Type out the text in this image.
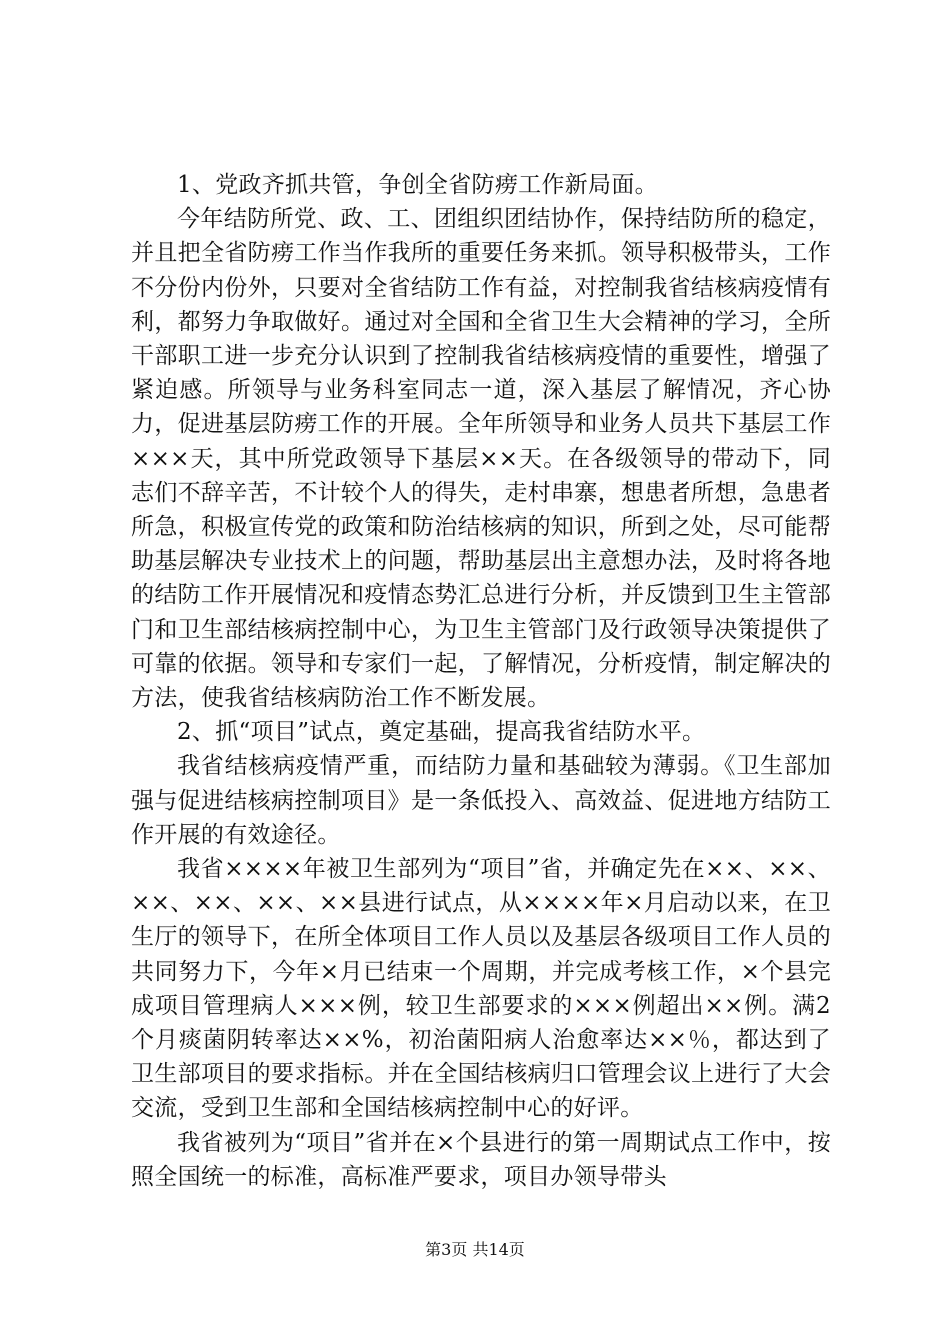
1、党政齐抓共管，争创全省防痨工作新局面。

今年结防所党、政、工、团组织团结协作，保持结防所的稳定，并且把全省防痨工作当作我所的重要任务来抓。领导积极带头，工作不分份内份外，只要对全省结防工作有益，对控制我省结核病疫情有利，都努力争取做好。通过对全国和全省卫生大会精神的学习，全所干部职工进一步充分认识到了控制我省结核病疫情的重要性，增强了紧迫感。所领导与业务科室同志一道，深入基层了解情况，齐心协力，促进基层防痨工作的开展。全年所领导和业务人员共下基层工作×××天，其中所党政领导下基层××天。在各级领导的带动下，同志们不辞辛苦，不计较个人的得失，走村串寨，想患者所想，急患者所急，积极宣传党的政策和防治结核病的知识，所到之处，尽可能帮助基层解决专业技术上的问题，帮助基层出主意想办法，及时将各地的结防工作开展情况和疫情态势汇总进行分析，并反馈到卫生主管部门和卫生部结核病控制中心，为卫生主管部门及行政领导决策提供了可靠的依据。领导和专家们一起，了解情况，分析疫情，制定解决的方法，使我省结核病防治工作不断发展。

2、抓“项目”试点，奠定基础，提高我省结防水平。

我省结核病疫情严重，而结防力量和基础较为薄弱。《卫生部加强与促进结核病控制项目》是一条低投入、高效益、促进地方结防工作开展的有效途径。

我省××××年被卫生部列为“项目”省，并确定先在××、××、××、××、××、××县进行试点，从××××年×月启动以来，在卫生厅的领导下，在所全体项目工作人员以及基层各级项目工作人员的共同努力下，今年×月已结束一个周期，并完成考核工作，×个县完成项目管理病人×××例，较卫生部要求的×××例超出××例。满2个月痰菌阴转率达××%，初治菌阳病人治愈率达××％，都达到了卫生部项目的要求指标。并在全国结核病归口管理会议上进行了大会交流，受到卫生部和全国结核病控制中心的好评。

我省被列为“项目”省并在×个县进行的第一周期试点工作中，按照全国统一的标准，高标准严要求，项目办领导带头

第3页 共14页
